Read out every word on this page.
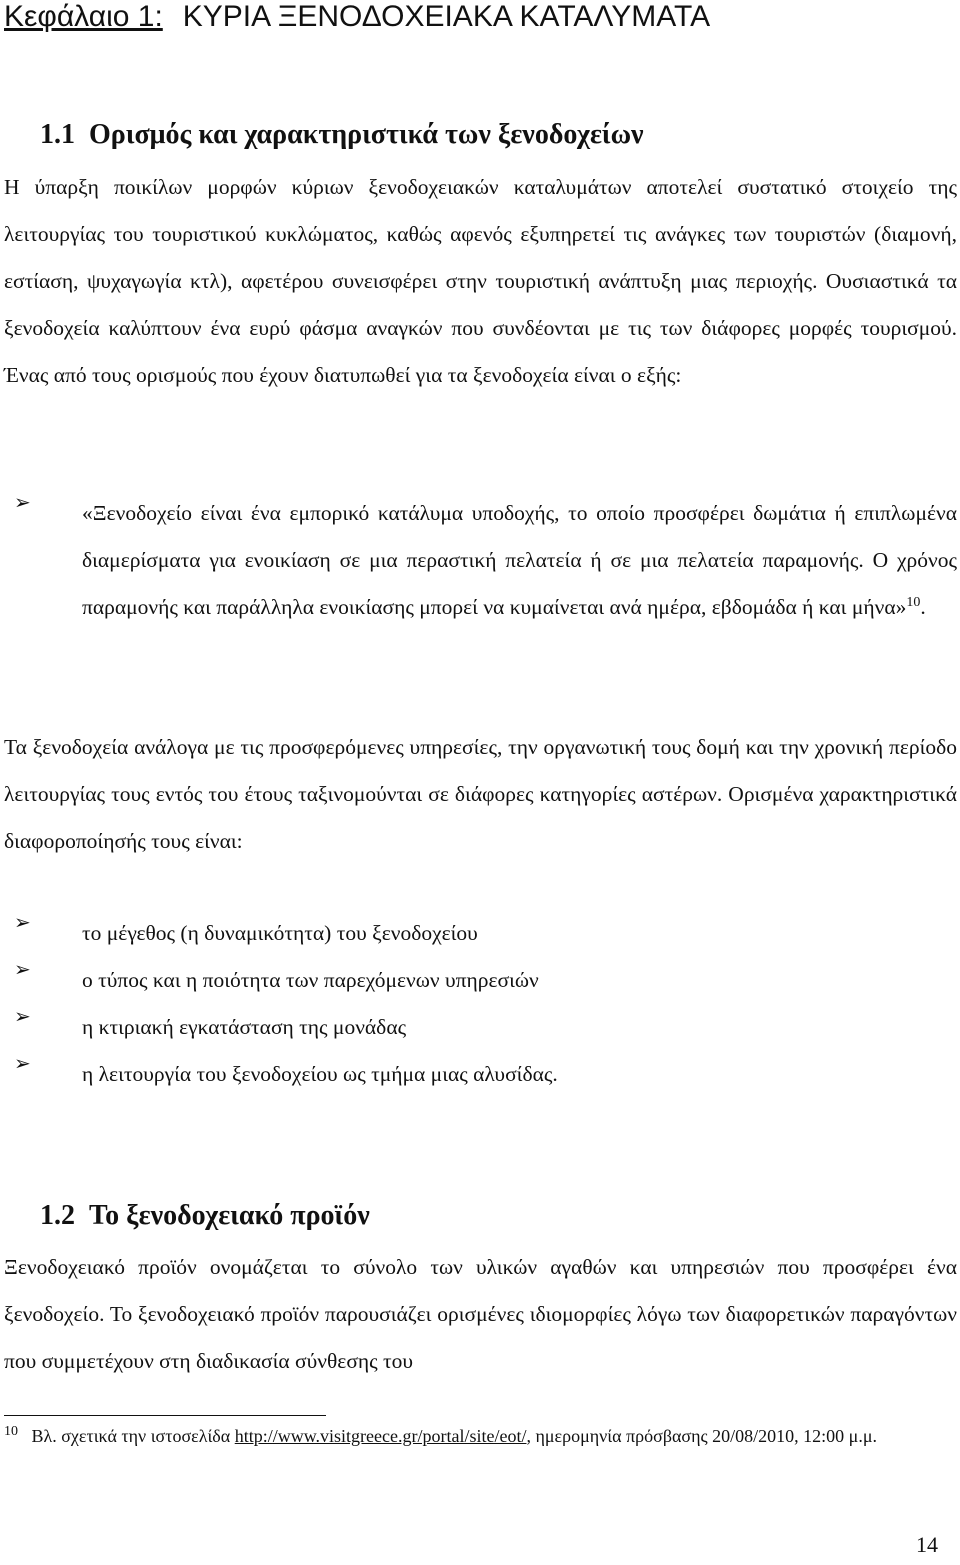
Κεφάλαιο 1: ΚΥΡΙΑ ΞΕΝΟΔΟΧΕΙΑΚΑ ΚΑΤΑΛΥΜΑΤΑ
1.1 Ορισμός και χαρακτηριστικά των ξενοδοχείων

Η ύπαρξη ποικίλων μορφών κύριων ξενοδοχειακών καταλυμάτων αποτελεί συστατικό στοιχείο της λειτουργίας του τουριστικού κυκλώματος, καθώς αφενός εξυπηρετεί τις ανάγκες των τουριστών (διαμονή, εστίαση, ψυχαγωγία κτλ), αφετέρου συνεισφέρει στην τουριστική ανάπτυξη μιας περιοχής. Ουσιαστικά τα ξενοδοχεία καλύπτουν ένα ευρύ φάσμα αναγκών που συνδέονται με τις των διάφορες μορφές τουρισμού. Ένας από τους ορισμούς που έχουν διατυπωθεί για τα ξενοδοχεία είναι ο εξής:

➢ «Ξενοδοχείο είναι ένα εμπορικό κατάλυμα υποδοχής, το οποίο προσφέρει δωμάτια ή επιπλωμένα διαμερίσματα για ενοικίαση σε μια περαστική πελατεία ή σε μια πελατεία παραμονής. Ο χρόνος παραμονής και παράλληλα ενοικίασης μπορεί να κυμαίνεται ανά ημέρα, εβδομάδα ή και μήνα»$^{10}$.

Τα ξενοδοχεία ανάλογα με τις προσφερόμενες υπηρεσίες, την οργανωτική τους δομή και την χρονική περίοδο λειτουργίας τους εντός του έτους ταξινομούνται σε διάφορες κατηγορίες αστέρων. Ορισμένα χαρακτηριστικά διαφοροποίησής τους είναι:

➢ το μέγεθος (η δυναμικότητα) του ξενοδοχείου
➢ ο τύπος και η ποιότητα των παρεχόμενων υπηρεσιών
➢ η κτιριακή εγκατάσταση της μονάδας
➢ η λειτουργία του ξενοδοχείου ως τμήμα μιας αλυσίδας.
1.2 Το ξενοδοχειακό προϊόν

Ξενοδοχειακό προϊόν ονομάζεται το σύνολο των υλικών αγαθών και υπηρεσιών που προσφέρει ένα ξενοδοχείο. Το ξενοδοχειακό προϊόν παρουσιάζει ορισμένες ιδιομορφίες λόγω των διαφορετικών παραγόντων που συμμετέχουν στη διαδικασία σύνθεσης του

$^{10}$ Βλ. σχετικά την ιστοσελίδα http://www.visitgreece.gr/portal/site/eot/, ημερομηνία πρόσβασης 20/08/2010, 12:00 μ.μ.

14
